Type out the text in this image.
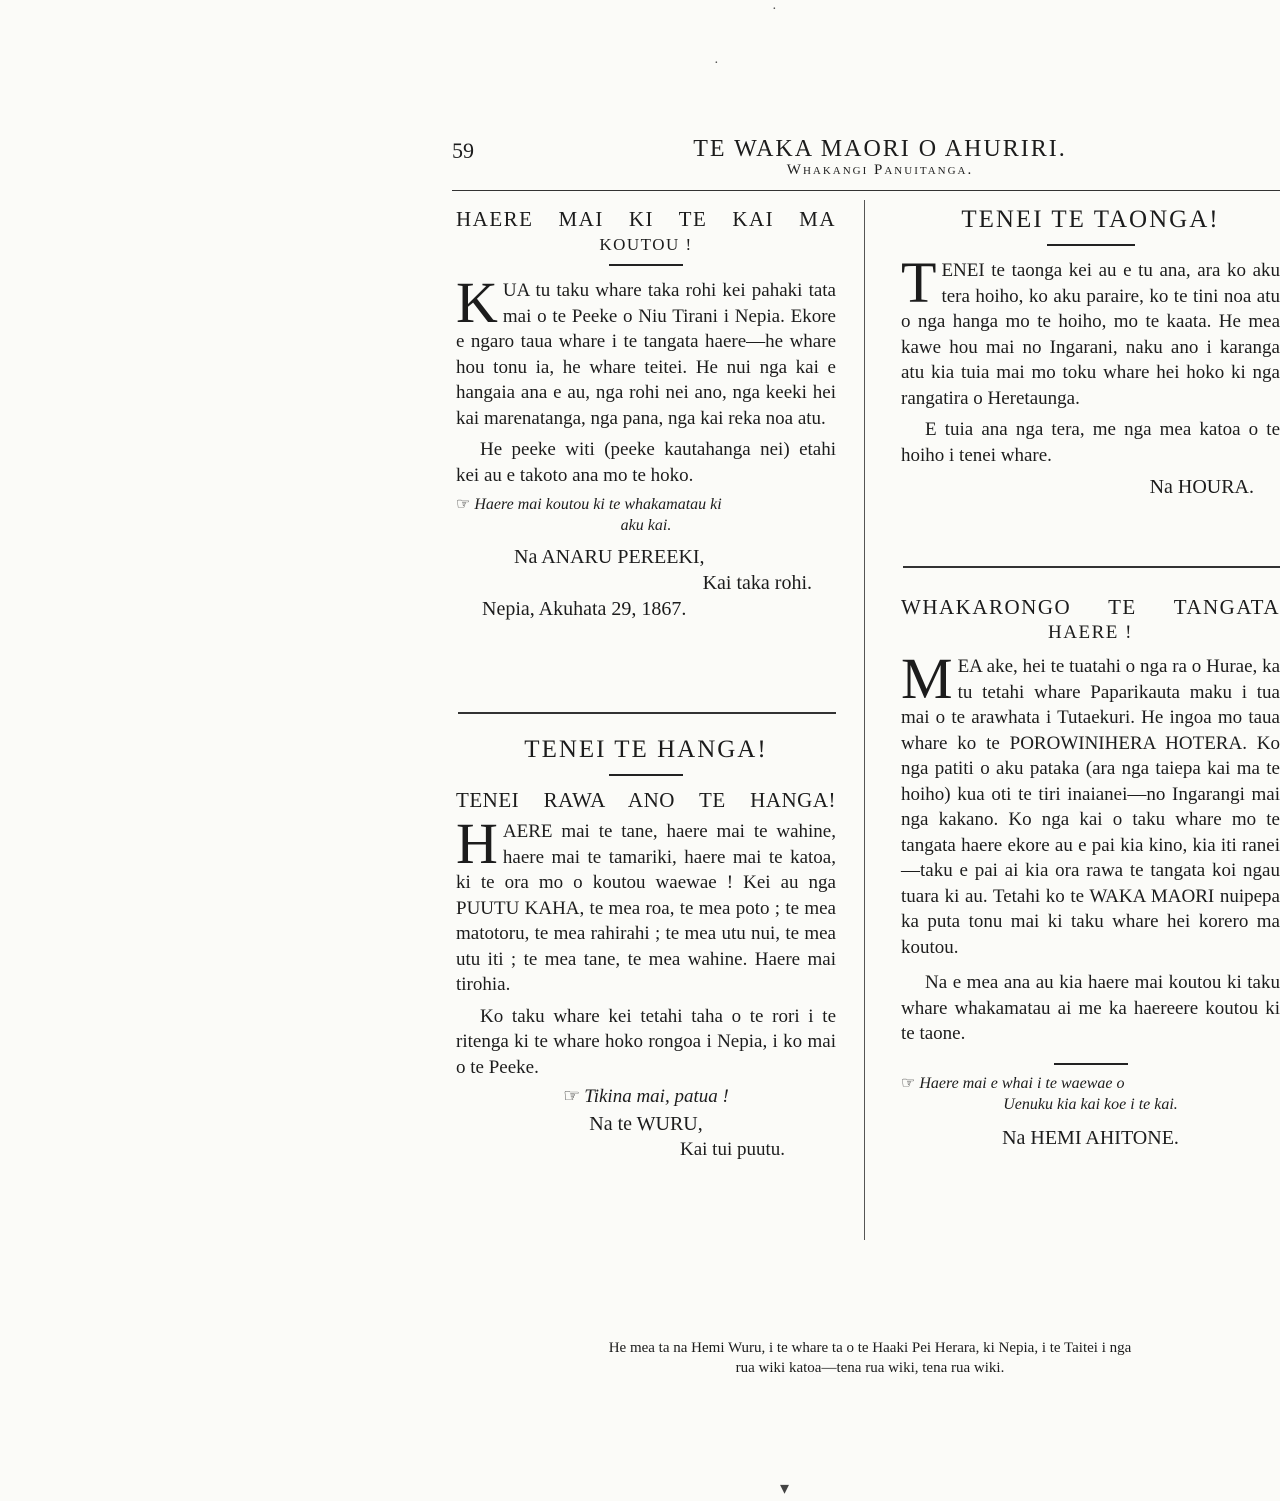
59	TE WAKA MAORI O AHURIRI.
Whakangi Panuitanga.
HAERE MAI KI TE KAI MA
KOUTOU !

KUA tu taku whare taka rohi kei pahaki tata mai o te Peeke o Niu Tirani i Nepia. Ekore e ngaro taua whare i te tangata haere—he whare hou tonu ia, he whare teitei. He nui nga kai e hangaia ana e au, nga rohi nei ano, nga keeki hei kai marenatanga, nga pana, nga kai reka noa atu.

He peeke witi (peeke kautahanga nei) etahi kei au e takoto ana mo te hoko.

☞ Haere mai koutou ki te whakamatau ki
aku kai.
Na ANARU PEREEKI,
Kai taka rohi.
Nepia, Akuhata 29, 1867.
TENEI TE HANGA!
TENEI RAWA ANO TE HANGA!

HAERE mai te tane, haere mai te wahine, haere mai te tamariki, haere mai te katoa, ki te ora mo o koutou waewae ! Kei au nga PUUTU KAHA, te mea roa, te mea poto ; te mea matotoru, te mea rahirahi ; te mea utu nui, te mea utu iti ; te mea tane, te mea wahine. Haere mai tirohia.

Ko taku whare kei tetahi taha o te rori i te ritenga ki te whare hoko rongoa i Nepia, i ko mai o te Peeke.

☞ Tikina mai, patua !
Na te WURU,
Kai tui puutu.
TENEI TE TAONGA!

TENEI te taonga kei au e tu ana, ara ko aku tera hoiho, ko aku paraire, ko te tini noa atu o nga hanga mo te hoiho, mo te kaata. He mea kawe hou mai no Ingarani, naku ano i karanga atu kia tuia mai mo toku whare hei hoko ki nga rangatira o Heretaunga.

E tuia ana nga tera, me nga mea katoa o te hoiho i tenei whare.

Na HOURA.
WHAKARONGO TE TANGATA
HAERE !

MEA ake, hei te tuatahi o nga ra o Hurae, ka tu tetahi whare Paparikauta maku i tua mai o te arawhata i Tutaekuri. He ingoa mo taua whare ko te POROWINIHERA HOTERA. Ko nga patiti o aku pataka (ara nga taiepa kai ma te hoiho) kua oti te tiri inaianei—no Ingarangi mai nga kakano. Ko nga kai o taku whare mo te tangata haere ekore au e pai kia kino, kia iti ranei—taku e pai ai kia ora rawa te tangata koi ngau tuara ki au. Tetahi ko te WAKA MAORI nuipepa ka puta tonu mai ki taku whare hei korero ma koutou.

Na e mea ana au kia haere mai koutou ki taku whare whakamatau ai me ka haereere koutou ki te taone.

☞ Haere mai e whai i te waewae o
Uenuku kia kai koe i te kai.
Na HEMI AHITONE.
He mea ta na Hemi Wuru, i te whare ta o te Haaki Pei Herara, ki Nepia, i te Taitei i nga
rua wiki katoa—tena rua wiki, tena rua wiki.
·
·
▾
